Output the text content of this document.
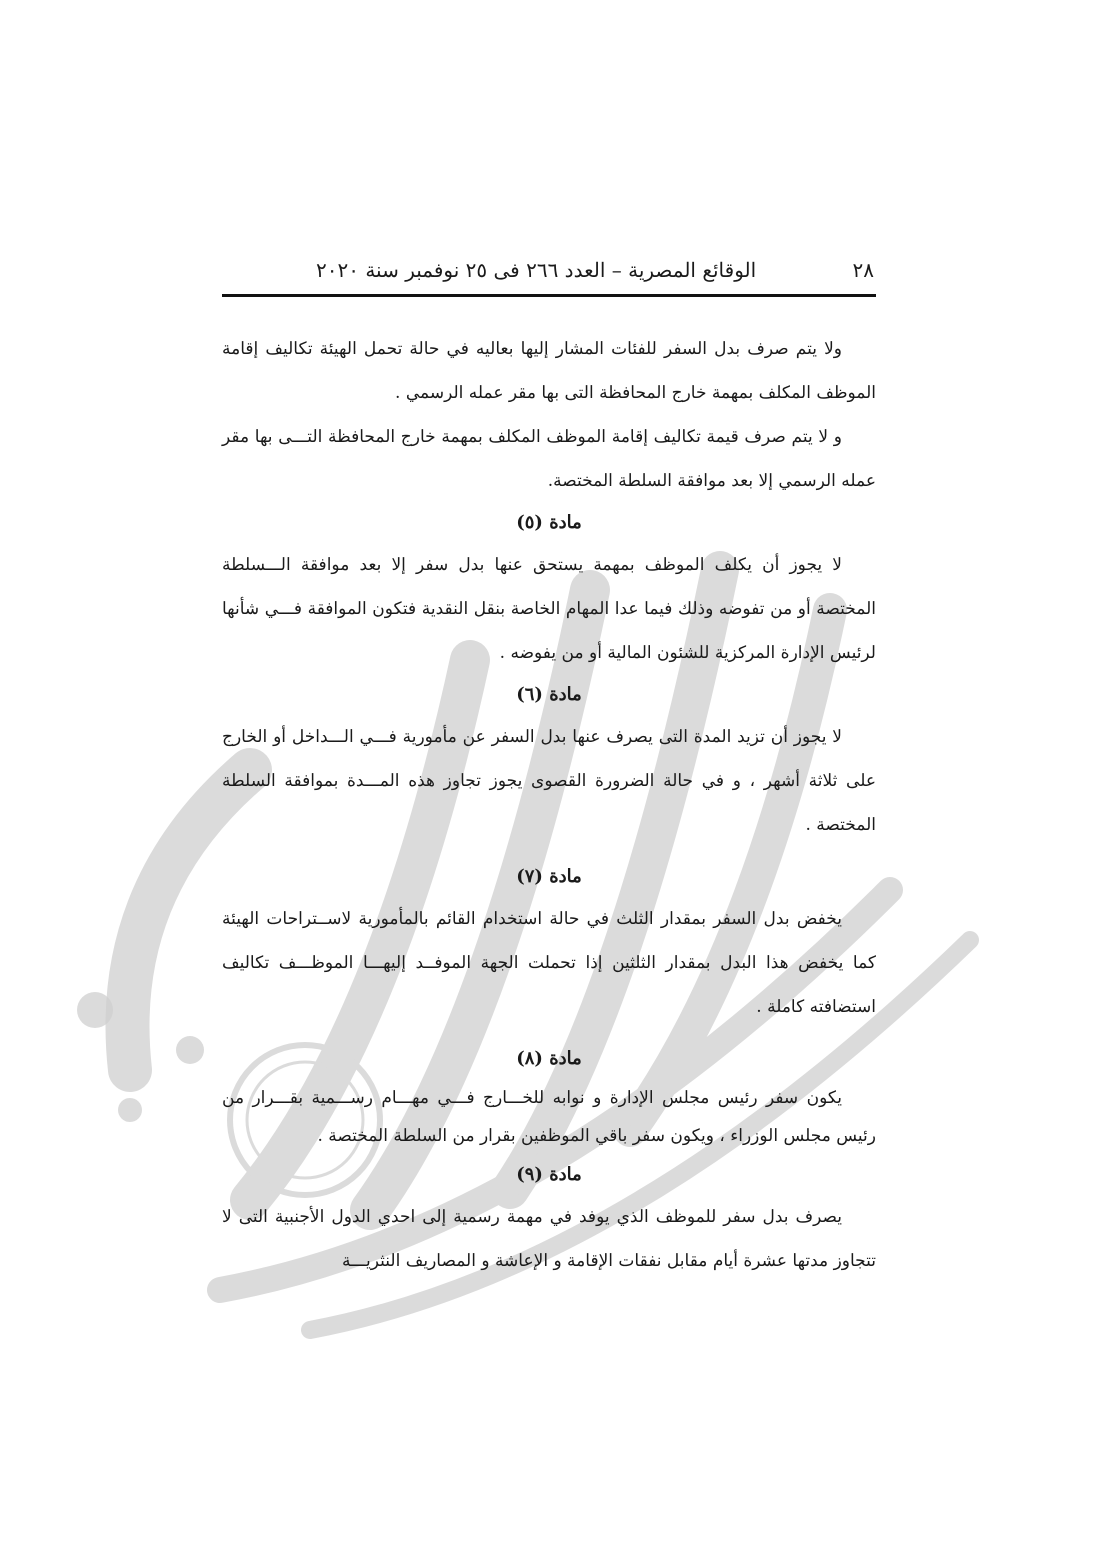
٢٨
الوقائع المصرية – العدد ٢٦٦ فى ٢٥ نوفمبر سنة ٢٠٢٠

ولا يتم صرف بدل السفر للفئات المشار إليها بعاليه في حالة تحمل الهيئة تكاليف إقامة الموظف المكلف بمهمة خارج المحافظة التى بها مقر عمله الرسمي .

و لا يتم صرف قيمة تكاليف إقامة الموظف المكلف بمهمة خارج المحافظة التـــى بها مقر عمله الرسمي إلا بعد موافقة السلطة المختصة.

مادة (٥)

لا يجوز أن يكلف الموظف بمهمة يستحق عنها بدل سفر إلا بعد موافقة الـــسلطة المختصة أو من تفوضه وذلك فيما عدا المهام الخاصة بنقل النقدية فتكون الموافقة فـــي شأنها لرئيس الإدارة المركزية للشئون المالية أو من يفوضه .

مادة (٦)

لا يجوز أن تزيد المدة التى يصرف عنها بدل السفر عن مأمورية فـــي الـــداخل أو الخارج على ثلاثة أشهر ، و في حالة الضرورة القصوى يجوز تجاوز هذه المـــدة بموافقة السلطة المختصة .

مادة (٧)

يخفض بدل السفر بمقدار الثلث في حالة استخدام القائم بالمأمورية لاســتراحات الهيئة كما يخفض هذا البدل بمقدار الثلثين إذا تحملت الجهة الموفــد إليهـــا الموظـــف تكاليف استضافته كاملة .

مادة (٨)

يكون سفر رئيس مجلس الإدارة و نوابه للخـــارج فـــي مهـــام رســـمية بقـــرار من رئيس مجلس الوزراء ، ويكون سفر باقي الموظفين بقرار من السلطة المختصة .

مادة (٩)

يصرف بدل سفر للموظف الذي يوفد في مهمة رسمية إلى احدي الدول الأجنبية التى لا تتجاوز مدتها عشرة أيام مقابل نفقات الإقامة و الإعاشة و المصاريف النثريـــة
